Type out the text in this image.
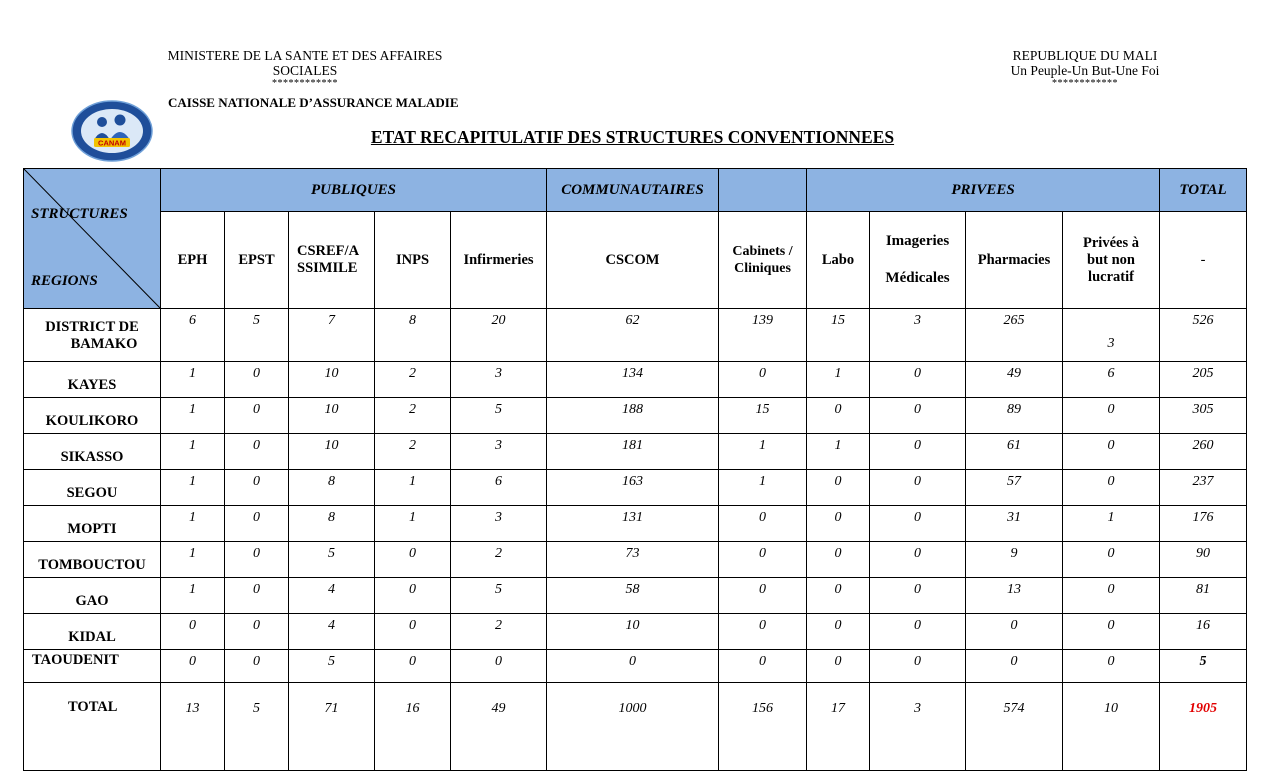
MINISTERE DE LA SANTE ET DES AFFAIRES
SOCIALES
************
CAISSE NATIONALE D’ASSURANCE MALADIE
REPUBLIQUE DU MALI
Un Peuple-Un But-Une Foi
************
CANAM	ETAT RECAPITULATIF DES STRUCTURES CONVENTIONNEES
STRUCTURES
REGIONS	PUBLIQUES					COMMUNAUTAIRES		PRIVEES				TOTAL
	EPH	EPST	CSREF/A
SSIMILE	INPS	Infirmeries	CSCOM	Cabinets /
Cliniques	Labo	Imageries
Médicales	Pharmacies	Privées à
but non
lucratif	-
DISTRICT DE
BAMAKO	6	5	7	8	20	62	139	15	3	265	3	526
KAYES	1	0	10	2	3	134	0	1	0	49	6	205
KOULIKORO	1	0	10	2	5	188	15	0	0	89	0	305
SIKASSO	1	0	10	2	3	181	1	1	0	61	0	260
SEGOU	1	0	8	1	6	163	1	0	0	57	0	237
MOPTI	1	0	8	1	3	131	0	0	0	31	1	176
TOMBOUCTOU	1	0	5	0	2	73	0	0	0	9	0	90
GAO	1	0	4	0	5	58	0	0	0	13	0	81
KIDAL	0	0	4	0	2	10	0	0	0	0	0	16
TAOUDENIT	0	0	5	0	0	0	0	0	0	0	0	5
TOTAL	13	5	71	16	49	1000	156	17	3	574	10	1905
